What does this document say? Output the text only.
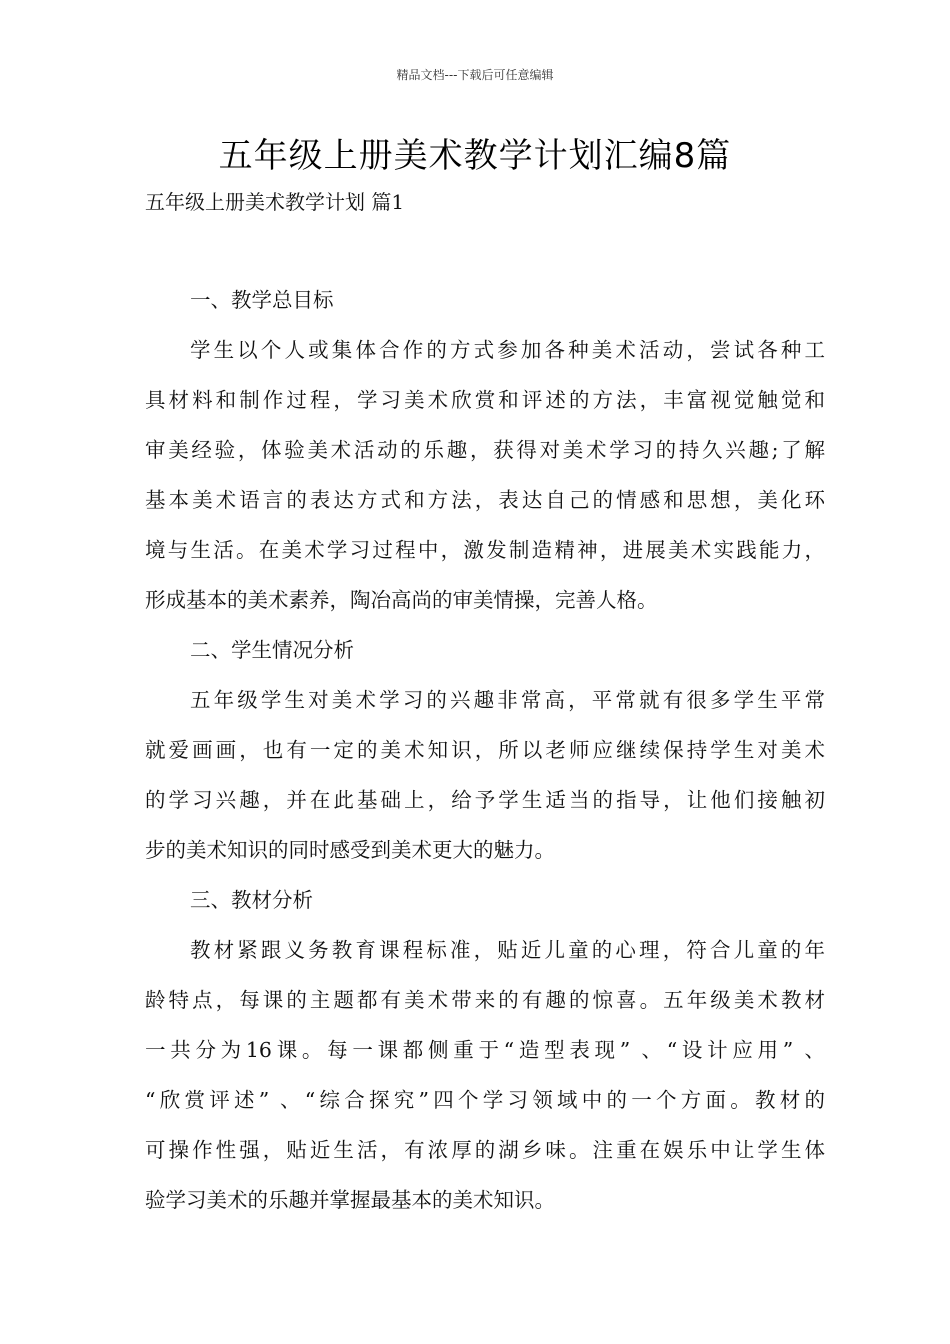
精品文档---下载后可任意编辑
五年级上册美术教学计划汇编8篇
五年级上册美术教学计划 篇1
一、教学总目标
学生以个人或集体合作的方式参加各种美术活动，尝试各种工
具材料和制作过程，学习美术欣赏和评述的方法，丰富视觉触觉和
审美经验，体验美术活动的乐趣，获得对美术学习的持久兴趣;了解
基本美术语言的表达方式和方法，表达自己的情感和思想，美化环
境与生活。在美术学习过程中，激发制造精神，进展美术实践能力，
形成基本的美术素养，陶冶高尚的审美情操，完善人格。
二、学生情况分析
五年级学生对美术学习的兴趣非常高，平常就有很多学生平常
就爱画画，也有一定的美术知识，所以老师应继续保持学生对美术
的学习兴趣，并在此基础上，给予学生适当的指导，让他们接触初
步的美术知识的同时感受到美术更大的魅力。
三、教材分析
教材紧跟义务教育课程标准，贴近儿童的心理，符合儿童的年
龄特点，每课的主题都有美术带来的有趣的惊喜。五年级美术教材
一共分为16课。每一课都侧重于“造型表现” 、“设计应用” 、
“欣赏评述” 、“综合探究”四个学习领域中的一个方面。教材的
可操作性强，贴近生活，有浓厚的湖乡味。注重在娱乐中让学生体
验学习美术的乐趣并掌握最基本的美术知识。
